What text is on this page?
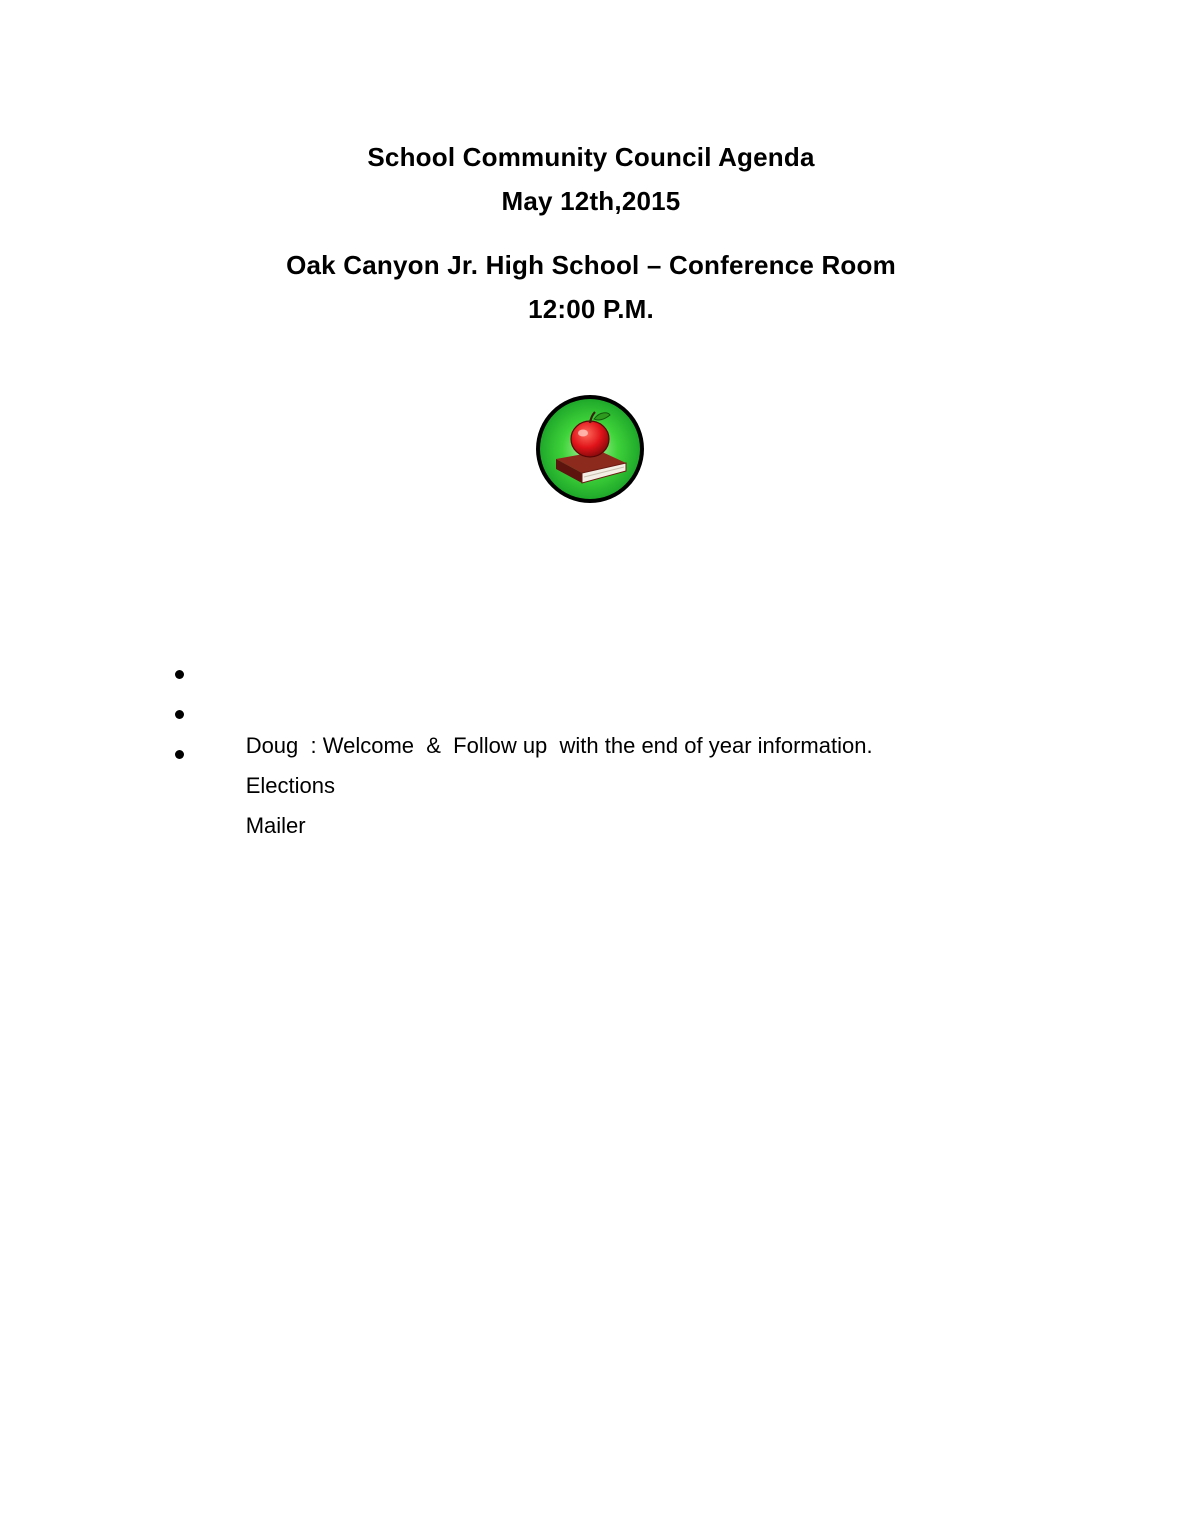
School Community Council Agenda
May 12th,2015
Oak Canyon Jr. High School – Conference Room
12:00 P.M.

Doug  : Welcome  &  Follow up  with the end of year information.

Elections

Mailer
